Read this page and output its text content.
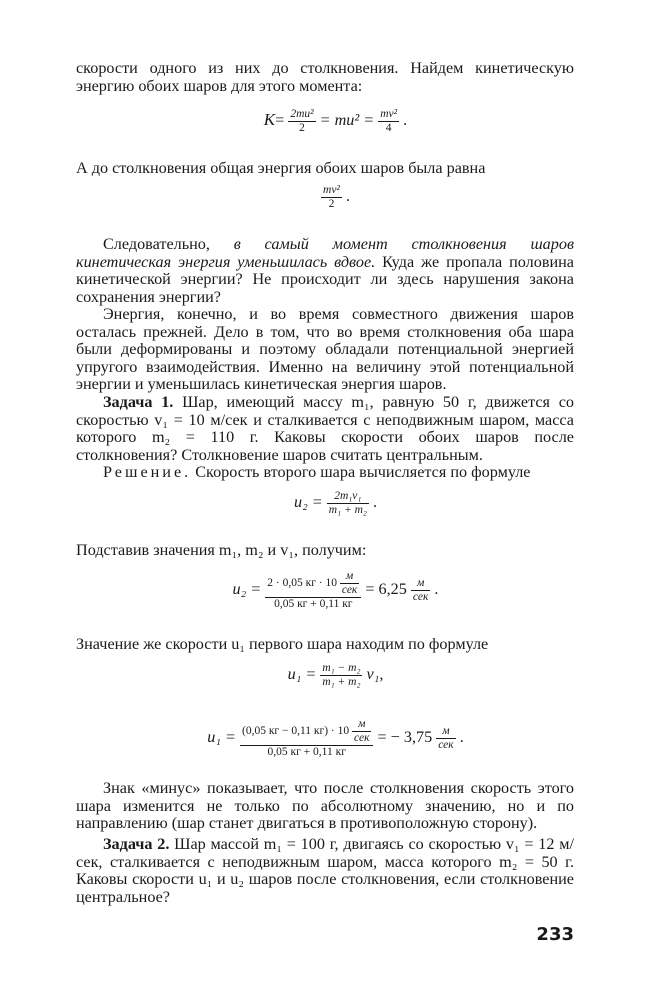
скорости одного из них до столкновения. Найдем кинетическую энергию обоих шаров для этого момента:

$K= \frac{\text{2mu²}}{2} = mu^2 = \frac{\text{mv²}}{4}$ .

А до столкновения общая энергия обоих шаров была равна

$\frac{\text{mv²}}{2}$ .

Следовательно, в самый момент столкновения шаров кинетическая энергия уменьшилась вдвое. Куда же пропала половина кинетической энергии? Не происходит ли здесь нарушения закона сохранения энергии?

Энергия, конечно, и во время совместного движения шаров осталась прежней. Дело в том, что во время столкновения оба шара были деформированы и поэтому обладали потенциальной энергией упругого взаимодействия. Именно на величину этой потенциальной энергии и уменьшилась кинетическая энергия шаров.

Задача 1. Шар, имеющий массу m₁, равную 50 г, движется со скоростью v₁ = 10 м/сек и сталкивается с неподвижным шаром, масса которого m₂ = 110 г. Каковы скорости обоих шаров после столкновения? Столкновение шаров считать центральным.

Решение. Скорость второго шара вычисляется по формуле

$u_2 = \frac{\text{2m₁v₁}}{\text{m₁ + m₂}}$ .

Подставив значения m₁, m₂ и v₁, получим:

$u_2 = \frac{2 \cdot 0,05 кг \cdot 10 \frac{м}{\text{сек}}}{0,05 кг + 0,11 кг} = 6,25 \frac{м}{\text{сек}}$ .

Значение же скорости u₁ первого шара находим по формуле

$u_1 = \frac{\text{m₁ − m₂}}{\text{m₁ + m₂}} v_1$,
$u_1 = \frac{(0,05 кг - 0,11 кг) \cdot 10 \frac{м}{\text{сек}}}{0,05 кг + 0,11 кг}$ = − $3,75 \frac{м}{\text{сек}}$ .

Знак «минус» показывает, что после столкновения скорость этого шара изменится не только по абсолютному значению, но и по направлению (шар станет двигаться в противоположную сторону).

Задача 2. Шар массой m₁ = 100 г, двигаясь со скоростью v₁ = 12 м/сек, сталкивается с неподвижным шаром, масса которого m₂ = 50 г. Каковы скорости u₁ и u₂ шаров после столкновения, если столкновение центральное?

233
